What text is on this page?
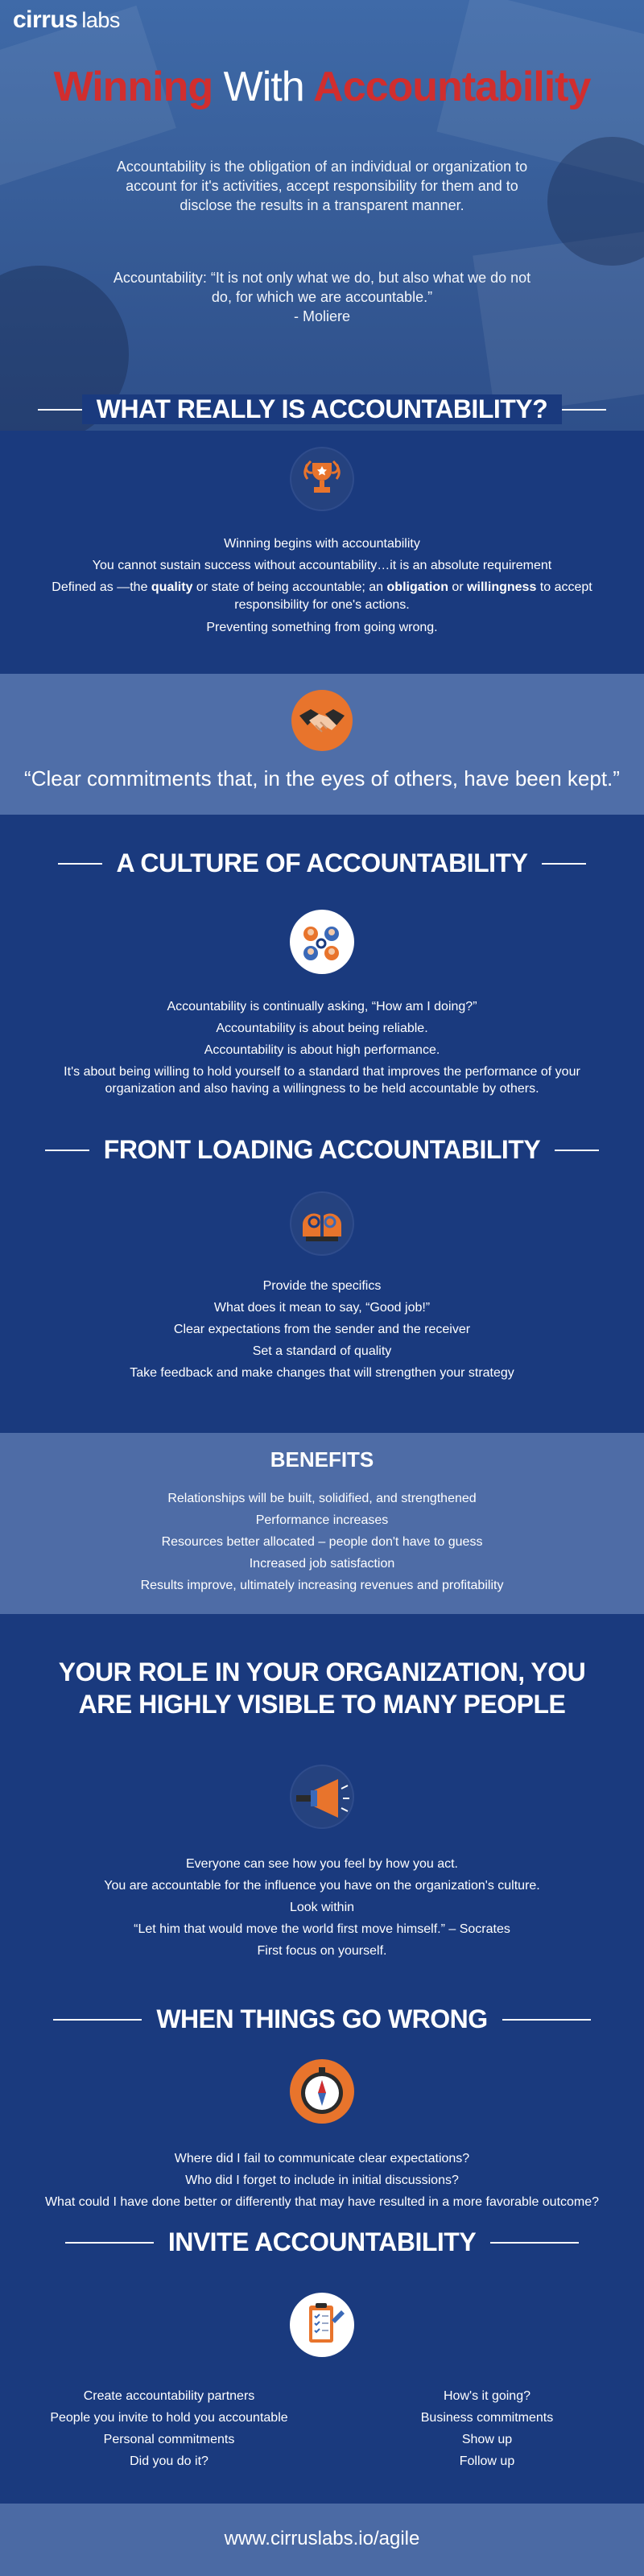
cirrus labs
Winning With Accountability
Accountability is the obligation of an individual or organization to account for it's activities, accept responsibility for them and to disclose the results in a transparent manner.
Accountability: “It is not only what we do, but also what we do not do, for which we are accountable.”
- Moliere
WHAT REALLY IS ACCOUNTABILITY?

Winning begins with accountability

You cannot sustain success without accountability…it is an absolute requirement

Defined as —the quality or state of being accountable; an obligation or willingness to accept responsibility for one's actions.

Preventing something from going wrong.

“Clear commitments that, in the eyes of others, have been kept.”
A CULTURE OF ACCOUNTABILITY

Accountability is continually asking, “How am I doing?”

Accountability is about being reliable.

Accountability is about high performance.

It's about being willing to hold yourself to a standard that improves the performance of your organization and also having a willingness to be held accountable by others.

FRONT LOADING ACCOUNTABILITY

Provide the specifics

What does it mean to say, “Good job!”

Clear expectations from the sender and the receiver

Set a standard of quality

Take feedback and make changes that will strengthen your strategy

BENEFITS

Relationships will be built, solidified, and strengthened

Performance increases

Resources better allocated – people don't have to guess

Increased job satisfaction

Results improve, ultimately increasing revenues and profitability

YOUR ROLE IN YOUR ORGANIZATION, YOU
ARE HIGHLY VISIBLE TO MANY PEOPLE

Everyone can see how you feel by how you act.

You are accountable for the influence you have on the organization's culture.

Look within

“Let him that would move the world first move himself.” – Socrates

First focus on yourself.

WHEN THINGS GO WRONG

Where did I fail to communicate clear expectations?

Who did I forget to include in initial discussions?

What could I have done better or differently that may have resulted in a more favorable outcome?

INVITE ACCOUNTABILITY

Create accountability partners

People you invite to hold you accountable

Personal commitments

Did you do it?

How's it going?

Business commitments

Show up

Follow up

www.cirruslabs.io/agile
